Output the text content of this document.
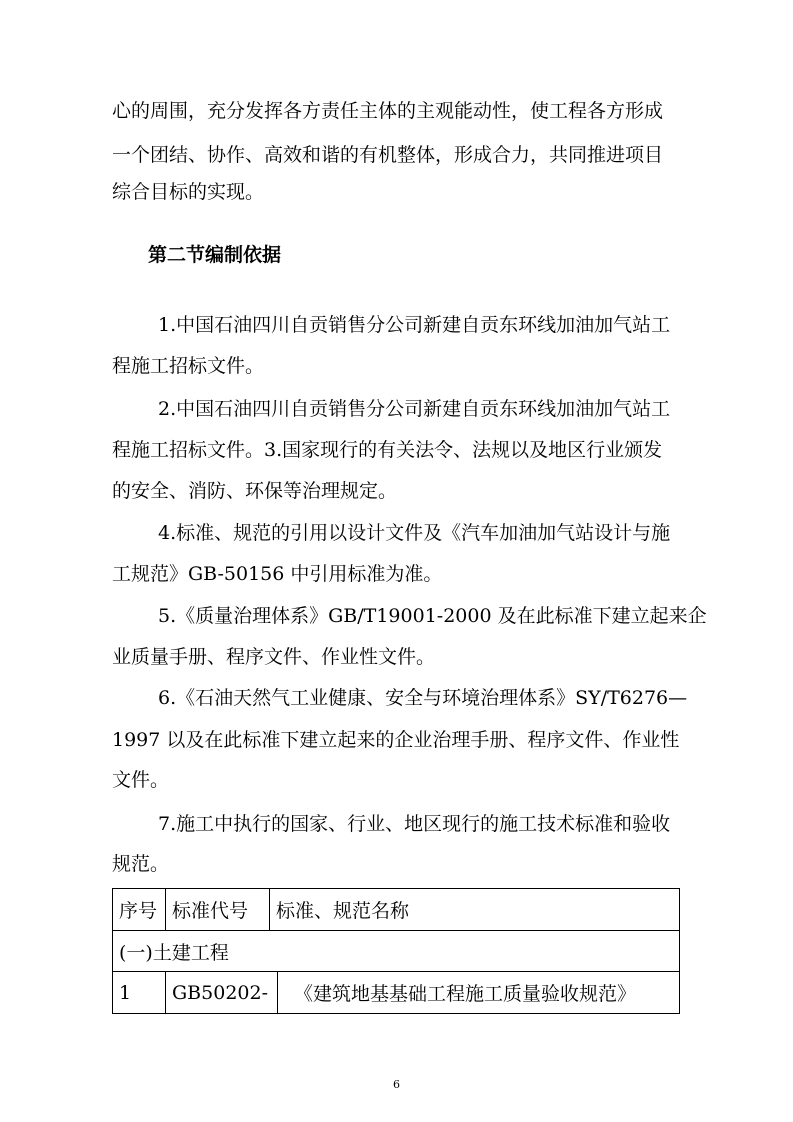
心的周围，充分发挥各方责任主体的主观能动性，使工程各方形成
一个团结、协作、高效和谐的有机整体，形成合力，共同推进项目
综合目标的实现。
第二节编制依据
1.中国石油四川自贡销售分公司新建自贡东环线加油加气站工
程施工招标文件。
2.中国石油四川自贡销售分公司新建自贡东环线加油加气站工
程施工招标文件。3.国家现行的有关法令、法规以及地区行业颁发
的安全、消防、环保等治理规定。
4.标准、规范的引用以设计文件及《汽车加油加气站设计与施
工规范》GB-50156 中引用标准为准。
5.《质量治理体系》GB/T19001-2000 及在此标准下建立起来企
业质量手册、程序文件、作业性文件。
6.《石油天然气工业健康、安全与环境治理体系》SY/T6276—
1997 以及在此标准下建立起来的企业治理手册、程序文件、作业性
文件。
7.施工中执行的国家、行业、地区现行的施工技术标准和验收
规范。
序号	标准代号	标准、规范名称
(一)土建工程		
1	GB50202- 《建筑地基基础工程施工质量验收规范》	
6
